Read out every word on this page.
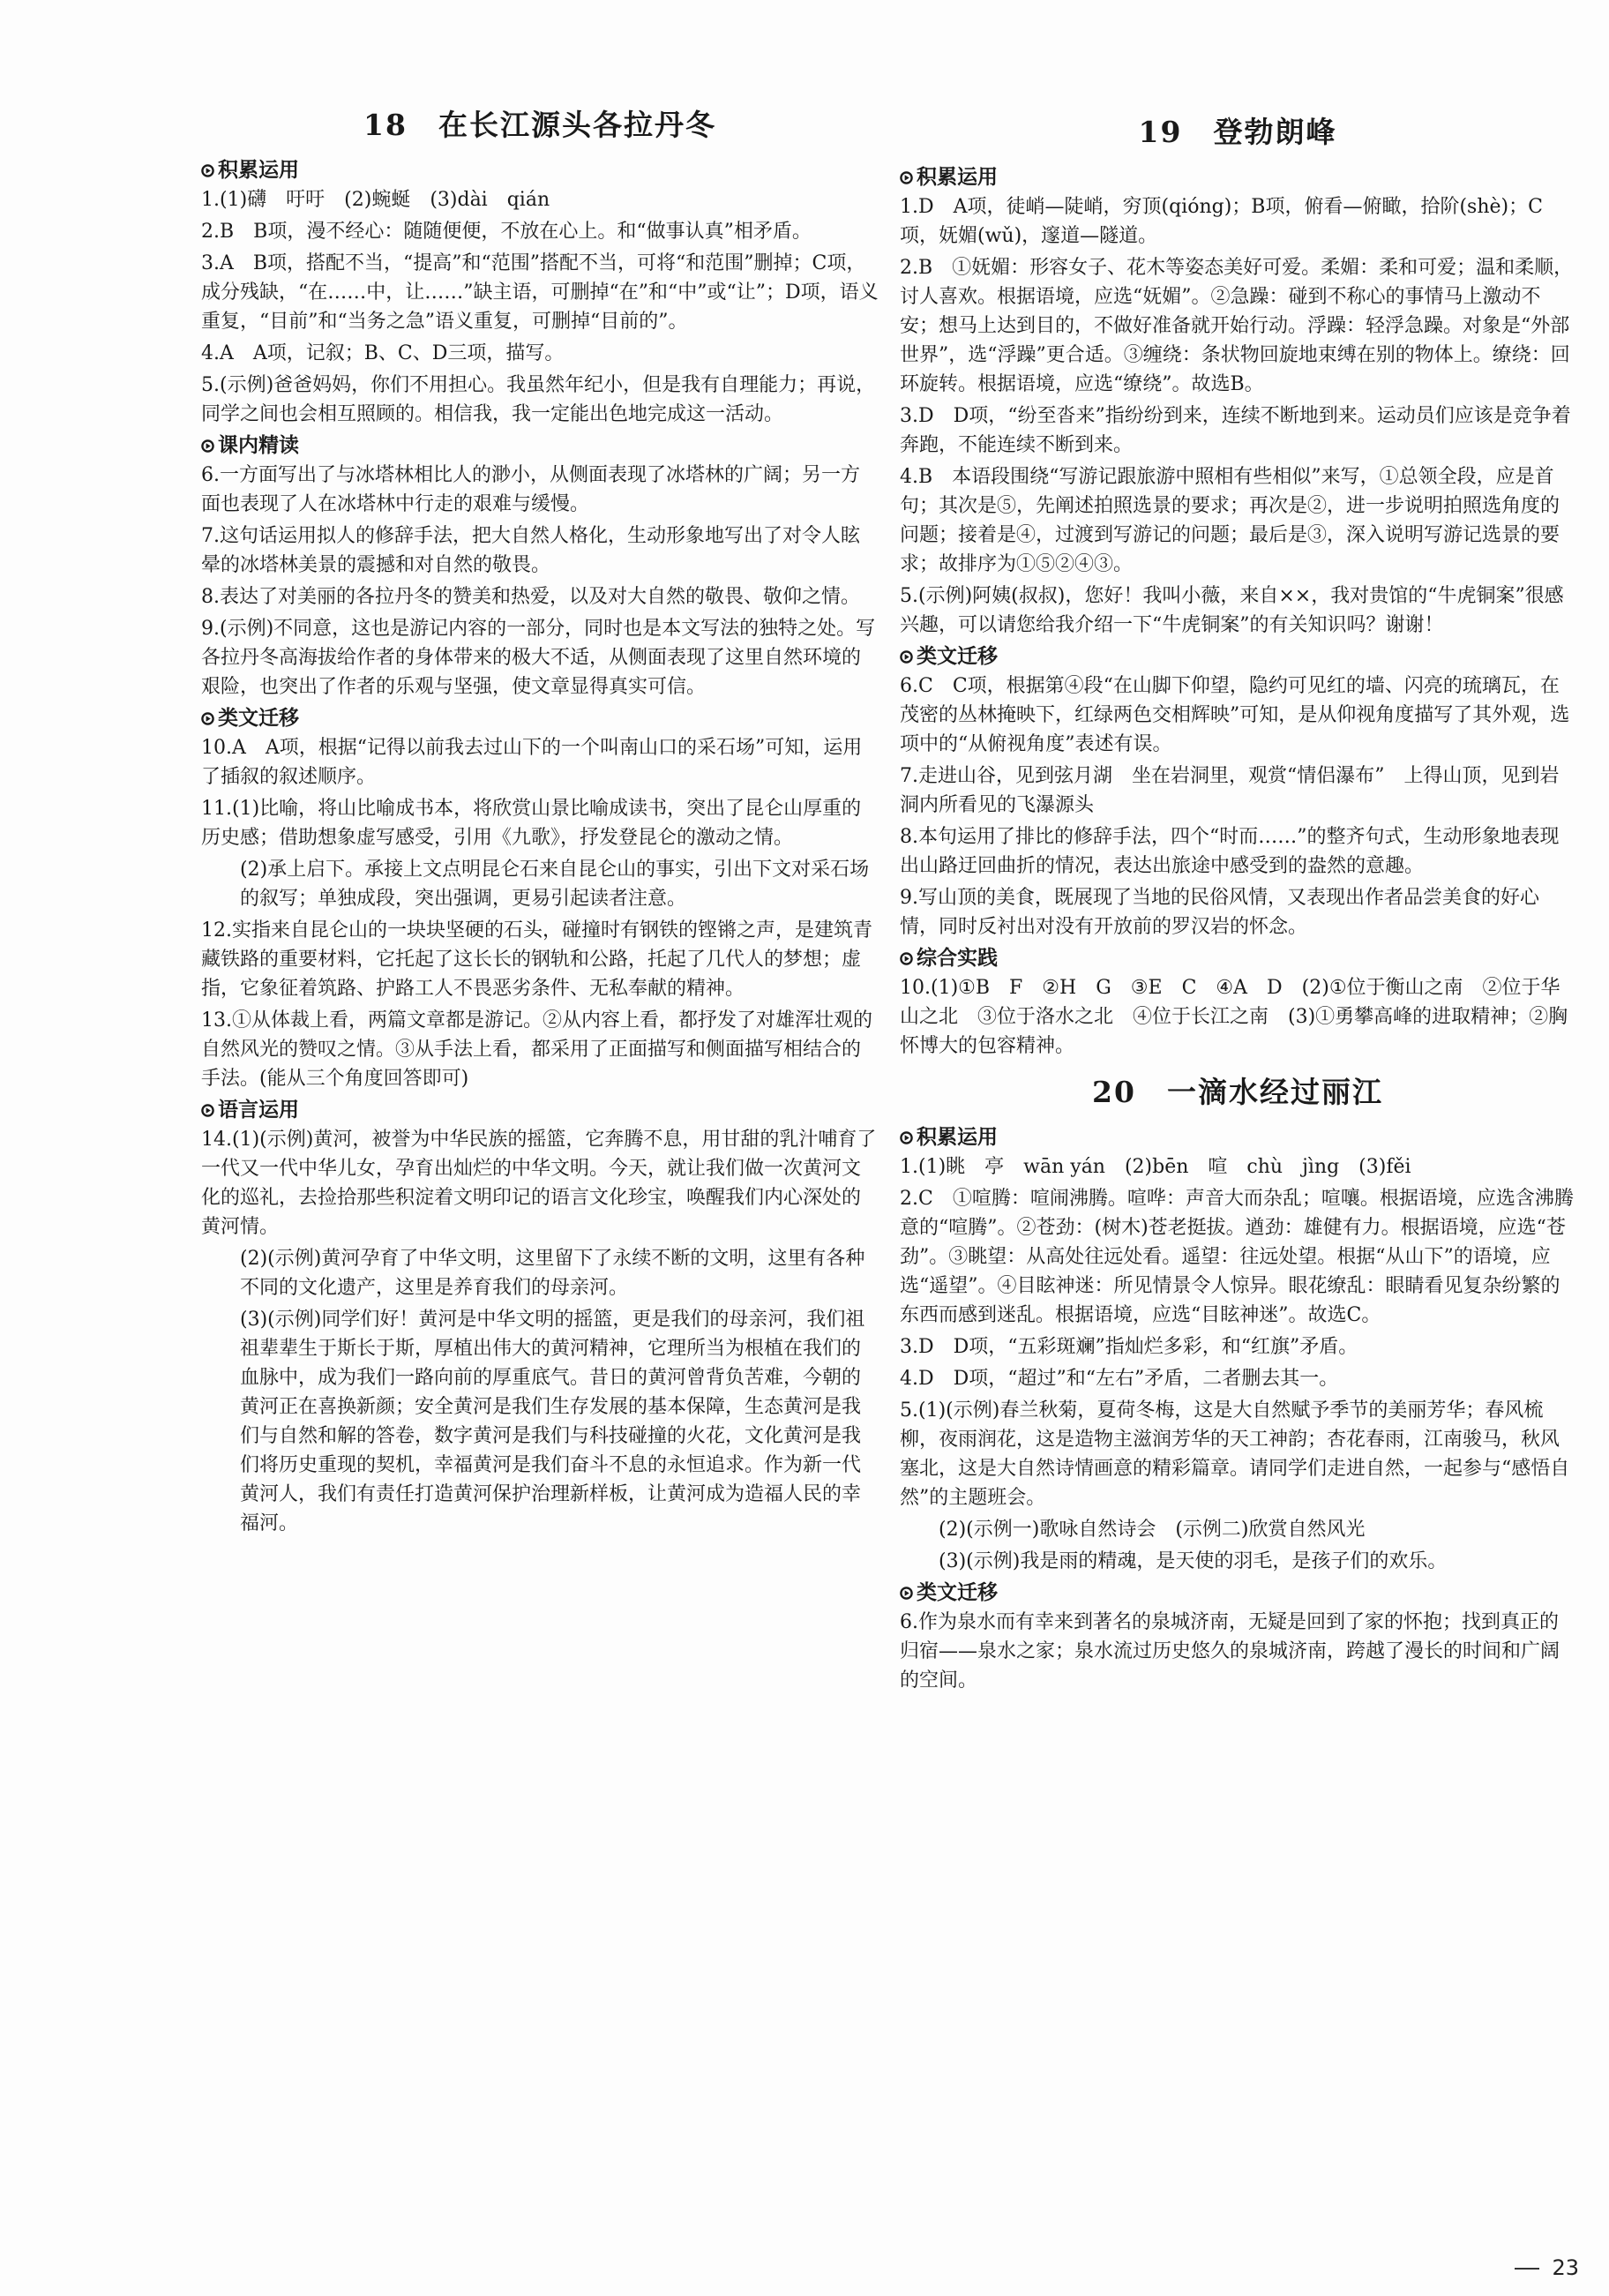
18　在长江源头各拉丹冬
积累运用
1.(1)礴　吁吁　(2)蜿蜒　(3)dài　qián
2.B　B项，漫不经心：随随便便，不放在心上。和“做事认真”相矛盾。
3.A　B项，搭配不当，“提高”和“范围”搭配不当，可将“和范围”删掉；C项，成分残缺，“在……中，让……”缺主语，可删掉“在”和“中”或“让”；D项，语义重复，“目前”和“当务之急”语义重复，可删掉“目前的”。
4.A　A项，记叙；B、C、D三项，描写。
5.(示例)爸爸妈妈，你们不用担心。我虽然年纪小，但是我有自理能力；再说，同学之间也会相互照顾的。相信我，我一定能出色地完成这一活动。
课内精读
6.一方面写出了与冰塔林相比人的渺小，从侧面表现了冰塔林的广阔；另一方面也表现了人在冰塔林中行走的艰难与缓慢。
7.这句话运用拟人的修辞手法，把大自然人格化，生动形象地写出了对令人眩晕的冰塔林美景的震撼和对自然的敬畏。
8.表达了对美丽的各拉丹冬的赞美和热爱，以及对大自然的敬畏、敬仰之情。
9.(示例)不同意，这也是游记内容的一部分，同时也是本文写法的独特之处。写各拉丹冬高海拔给作者的身体带来的极大不适，从侧面表现了这里自然环境的艰险，也突出了作者的乐观与坚强，使文章显得真实可信。
类文迁移
10.A　A项，根据“记得以前我去过山下的一个叫南山口的采石场”可知，运用了插叙的叙述顺序。
11.(1)比喻，将山比喻成书本，将欣赏山景比喻成读书，突出了昆仑山厚重的历史感；借助想象虚写感受，引用《九歌》，抒发登昆仑的激动之情。
(2)承上启下。承接上文点明昆仑石来自昆仑山的事实，引出下文对采石场的叙写；单独成段，突出强调，更易引起读者注意。
12.实指来自昆仑山的一块块坚硬的石头，碰撞时有钢铁的铿锵之声，是建筑青藏铁路的重要材料，它托起了这长长的钢轨和公路，托起了几代人的梦想；虚指，它象征着筑路、护路工人不畏恶劣条件、无私奉献的精神。
13.①从体裁上看，两篇文章都是游记。②从内容上看，都抒发了对雄浑壮观的自然风光的赞叹之情。③从手法上看，都采用了正面描写和侧面描写相结合的手法。(能从三个角度回答即可)
语言运用
14.(1)(示例)黄河，被誉为中华民族的摇篮，它奔腾不息，用甘甜的乳汁哺育了一代又一代中华儿女，孕育出灿烂的中华文明。今天，就让我们做一次黄河文化的巡礼，去捡拾那些积淀着文明印记的语言文化珍宝，唤醒我们内心深处的黄河情。
(2)(示例)黄河孕育了中华文明，这里留下了永续不断的文明，这里有各种不同的文化遗产，这里是养育我们的母亲河。
(3)(示例)同学们好！黄河是中华文明的摇篮，更是我们的母亲河，我们祖祖辈辈生于斯长于斯，厚植出伟大的黄河精神，它理所当为根植在我们的血脉中，成为我们一路向前的厚重底气。昔日的黄河曾背负苦难，今朝的黄河正在喜换新颜；安全黄河是我们生存发展的基本保障，生态黄河是我们与自然和解的答卷，数字黄河是我们与科技碰撞的火花，文化黄河是我们将历史重现的契机，幸福黄河是我们奋斗不息的永恒追求。作为新一代黄河人，我们有责任打造黄河保护治理新样板，让黄河成为造福人民的幸福河。
19　登勃朗峰
积累运用
1.D　A项，徒峭—陡峭，穷顶(qióng)；B项，俯看—俯瞰，拾阶(shè)；C项，妩媚(wǔ)，邃道—隧道。
2.B　①妩媚：形容女子、花木等姿态美好可爱。柔媚：柔和可爱；温和柔顺，讨人喜欢。根据语境，应选“妩媚”。②急躁：碰到不称心的事情马上激动不安；想马上达到目的，不做好准备就开始行动。浮躁：轻浮急躁。对象是“外部世界”，选“浮躁”更合适。③缠绕：条状物回旋地束缚在别的物体上。缭绕：回环旋转。根据语境，应选“缭绕”。故选B。
3.D　D项，“纷至沓来”指纷纷到来，连续不断地到来。运动员们应该是竞争着奔跑，不能连续不断到来。
4.B　本语段围绕“写游记跟旅游中照相有些相似”来写，①总领全段，应是首句；其次是⑤，先阐述拍照选景的要求；再次是②，进一步说明拍照选角度的问题；接着是④，过渡到写游记的问题；最后是③，深入说明写游记选景的要求；故排序为①⑤②④③。
5.(示例)阿姨(叔叔)，您好！我叫小薇，来自××，我对贵馆的“牛虎铜案”很感兴趣，可以请您给我介绍一下“牛虎铜案”的有关知识吗？谢谢！
类文迁移
6.C　C项，根据第④段“在山脚下仰望，隐约可见红的墙、闪亮的琉璃瓦，在茂密的丛林掩映下，红绿两色交相辉映”可知，是从仰视角度描写了其外观，选项中的“从俯视角度”表述有误。
7.走进山谷，见到弦月湖　坐在岩洞里，观赏“情侣瀑布”　上得山顶，见到岩洞内所看见的飞瀑源头
8.本句运用了排比的修辞手法，四个“时而……”的整齐句式，生动形象地表现出山路迂回曲折的情况，表达出旅途中感受到的盎然的意趣。
9.写山顶的美食，既展现了当地的民俗风情，又表现出作者品尝美食的好心情，同时反衬出对没有开放前的罗汉岩的怀念。
综合实践
10.(1)①B　F　②H　G　③E　C　④A　D　(2)①位于衡山之南　②位于华山之北　③位于洛水之北　④位于长江之南　(3)①勇攀高峰的进取精神；②胸怀博大的包容精神。
20　一滴水经过丽江
积累运用
1.(1)眺　亭　wān yán　(2)bēn　喧　chù　jìng　(3)fěi
2.C　①喧腾：喧闹沸腾。喧哗：声音大而杂乱；喧嚷。根据语境，应选含沸腾意的“喧腾”。②苍劲：(树木)苍老挺拔。遒劲：雄健有力。根据语境，应选“苍劲”。③眺望：从高处往远处看。遥望：往远处望。根据“从山下”的语境，应选“遥望”。④目眩神迷：所见情景令人惊异。眼花缭乱：眼睛看见复杂纷繁的东西而感到迷乱。根据语境，应选“目眩神迷”。故选C。
3.D　D项，“五彩斑斓”指灿烂多彩，和“红旗”矛盾。
4.D　D项，“超过”和“左右”矛盾，二者删去其一。
5.(1)(示例)春兰秋菊，夏荷冬梅，这是大自然赋予季节的美丽芳华；春风梳柳，夜雨润花，这是造物主滋润芳华的天工神韵；杏花春雨，江南骏马，秋风塞北，这是大自然诗情画意的精彩篇章。请同学们走进自然，一起参与“感悟自然”的主题班会。
(2)(示例一)歌咏自然诗会　(示例二)欣赏自然风光
(3)(示例)我是雨的精魂，是天使的羽毛，是孩子们的欢乐。
类文迁移
6.作为泉水而有幸来到著名的泉城济南，无疑是回到了家的怀抱；找到真正的归宿——泉水之家；泉水流过历史悠久的泉城济南，跨越了漫长的时间和广阔的空间。
23
